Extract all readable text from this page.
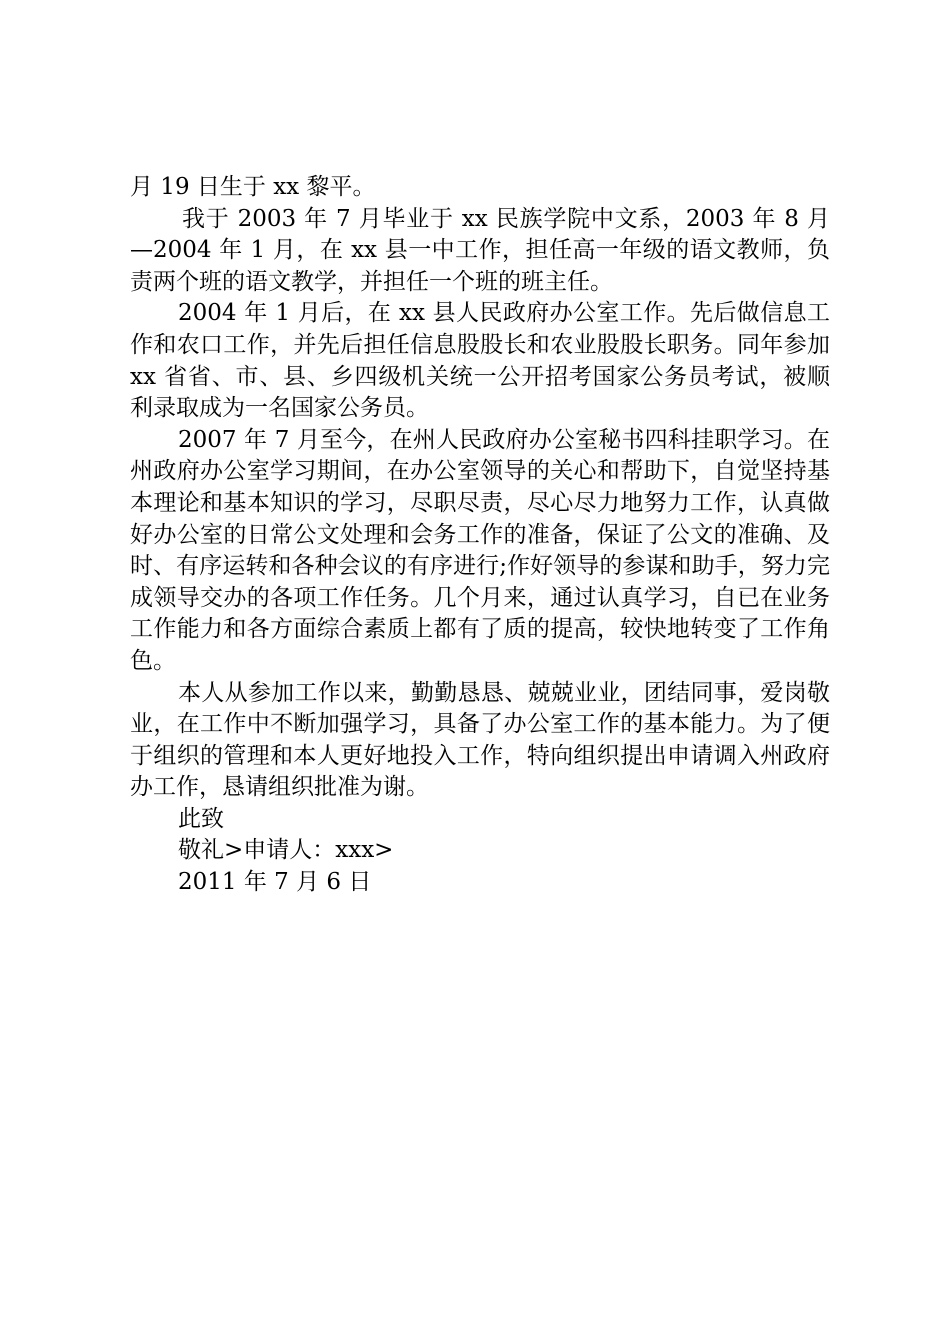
月 19 日生于 xx 黎平。

我于 2003 年 7 月毕业于 xx 民族学院中文系，2003 年 8 月—2004 年 1 月，在 xx 县一中工作，担任高一年级的语文教师，负责两个班的语文教学，并担任一个班的班主任。

2004 年 1 月后，在 xx 县人民政府办公室工作。先后做信息工作和农口工作，并先后担任信息股股长和农业股股长职务。同年参加 xx 省省、市、县、乡四级机关统一公开招考国家公务员考试，被顺利录取成为一名国家公务员。

2007 年 7 月至今，在州人民政府办公室秘书四科挂职学习。在州政府办公室学习期间，在办公室领导的关心和帮助下，自觉坚持基本理论和基本知识的学习，尽职尽责，尽心尽力地努力工作，认真做好办公室的日常公文处理和会务工作的准备，保证了公文的准确、及时、有序运转和各种会议的有序进行;作好领导的参谋和助手，努力完成领导交办的各项工作任务。几个月来，通过认真学习，自已在业务工作能力和各方面综合素质上都有了质的提高，较快地转变了工作角色。

本人从参加工作以来，勤勤恳恳、兢兢业业，团结同事，爱岗敬业，在工作中不断加强学习，具备了办公室工作的基本能力。为了便于组织的管理和本人更好地投入工作，特向组织提出申请调入州政府办工作，恳请组织批准为谢。

此致

敬礼>申请人：xxx>

2011 年 7 月 6 日
